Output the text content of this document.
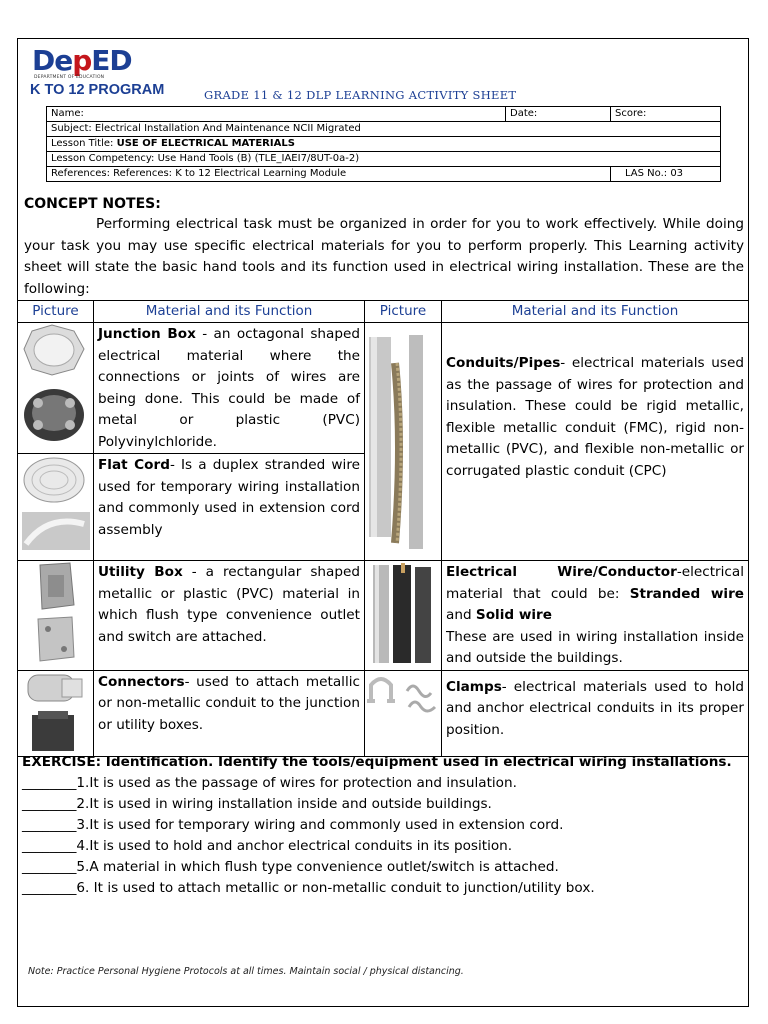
DepED
DEPARTMENT OF EDUCATION
K TO 12 PROGRAM	GRADE 11 & 12 DLP LEARNING ACTIVITY SHEET
Name:	Date:	Score:
Subject: Electrical Installation And Maintenance NCII Migrated		
Lesson Title: USE OF ELECTRICAL MATERIALS		
Lesson Competency: Use Hand Tools (B) (TLE_IAEI7/8UT-0a-2)		
References: References: K to 12 Electrical Learning Module		LAS No.: 03
CONCEPT NOTES:
Performing electrical task must be organized in order for you to work effectively. While doing your task you may use specific electrical materials for you to perform properly. This Learning activity sheet will state the basic hand tools and its function used in electrical wiring installation. These are the following:
Picture	Material and its Function	Picture	Material and its Function

	Junction Box - an octagonal shaped electrical material where the connections or joints of wires are being done. This could be made of metal or plastic (PVC) Polyvinylchloride.		Conduits/Pipes- electrical materials used as the passage of wires for protection and insulation. These could be rigid metallic, flexible metallic conduit (FMC), rigid non-metallic (PVC), and flexible non-metallic or corrugated plastic conduit (CPC)

	Flat Cord- Is a duplex stranded wire used for temporary wiring installation and commonly used in extension cord assembly		

	Utility Box - a rectangular shaped metallic or plastic (PVC) material in which flush type convenience outlet and switch are attached.		Electrical Wire/Conductor-electrical material that could be: Stranded wire and Solid wire
These are used in wiring installation inside and outside the buildings.

	Connectors- used to attach metallic or non-metallic conduit to the junction or utility boxes.		Clamps- electrical materials used to hold and anchor electrical conduits in its proper position.
EXERCISE: Identification. Identify the tools/equipment used in electrical wiring installations.
________1.It is used as the passage of wires for protection and insulation.
________2.It is used in wiring installation inside and outside buildings.
________3.It is used for temporary wiring and commonly used in extension cord.
________4.It is used to hold and anchor electrical conduits in its position.
________5.A material in which flush type convenience outlet/switch is attached.
________6. It is used to attach metallic or non-metallic conduit to junction/utility box.
Note: Practice Personal Hygiene Protocols at all times. Maintain social / physical distancing.
